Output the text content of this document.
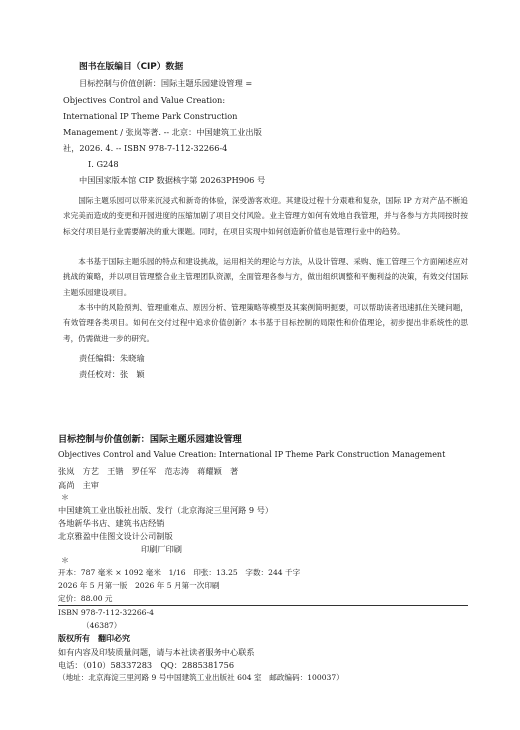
图书在版编目（CIP）数据
目标控制与价值创新：国际主题乐园建设管理 =
Objectives Control and Value Creation:
International IP Theme Park Construction
Management / 张岚等著. -- 北京：中国建筑工业出版
社，2026. 4. -- ISBN 978-7-112-32266-4
Ⅰ. G248
中国国家版本馆 CIP 数据核字第 20263PH906 号

国际主题乐园可以带来沉浸式和新奇的体验，深受游客欢迎。其建设过程十分艰难和复杂，国际 IP 方对产品不断追求完美而造成的变更和开园进度的压缩加剧了项目交付风险。业主管理方如何有效地自我管理，并与各参与方共同按时按标交付项目是行业需要解决的重大课题。同时，在项目实现中如何创造新价值也是管理行业中的趋势。

本书基于国际主题乐园的特点和建设挑战，运用相关的理论与方法，从设计管理、采购、施工管理三个方面阐述应对挑战的策略，并以项目管理整合业主管理团队资源，全面管理各参与方，做出组织调整和平衡利益的决策，有效交付国际主题乐园建设项目。

本书中的风险预判、管理重难点、原因分析、管理策略等模型及其案例简明扼要，可以帮助读者迅速抓住关键问题，有效管理各类项目。如何在交付过程中追求价值创新？本书基于目标控制的局限性和价值理论，初步提出非系统性的思考，仍需做进一步的研究。

责任编辑：朱晓瑜
责任校对：张　颖
目标控制与价值创新：国际主题乐园建设管理
Objectives Control and Value Creation: International IP Theme Park Construction Management
张岚　方艺　王锴　罗任军　范志涛　蒋耀颖　著
高尚　主审
＊
中国建筑工业出版社出版、发行（北京海淀三里河路 9 号）
各地新华书店、建筑书店经销
北京雅盈中佳图文设计公司制版
印刷厂印刷
＊
开本：787 毫米 × 1092 毫米　1/16　印张：13.25　字数：244 千字
2026 年 5 月第一版　2026 年 5 月第一次印刷
定价：88.00 元
ISBN 978-7-112-32266-4
（46387）
版权所有　翻印必究
如有内容及印装质量问题，请与本社读者服务中心联系
电话：（010）58337283　QQ：2885381756
（地址：北京海淀三里河路 9 号中国建筑工业出版社 604 室　邮政编码：100037）
